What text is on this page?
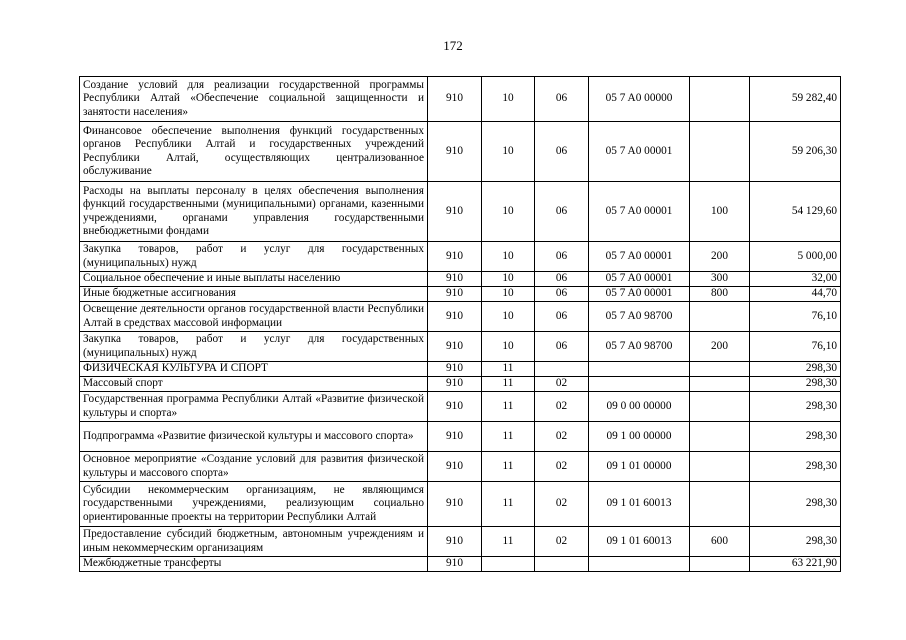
172
Создание условий для реализации государственной программы Республики Алтай «Обеспечение социальной защищенности и занятости населения»	910	10	06	05 7 A0 00000		59 282,40
Финансовое обеспечение выполнения функций государственных органов Республики Алтай и государственных учреждений Республики Алтай, осуществляющих централизованное обслуживание	910	10	06	05 7 A0 00001		59 206,30
Расходы на выплаты персоналу в целях обеспечения выполнения функций государственными (муниципальными) органами, казенными учреждениями, органами управления государственными внебюджетными фондами	910	10	06	05 7 A0 00001	100	54 129,60
Закупка товаров, работ и услуг для государственных (муниципальных) нужд	910	10	06	05 7 A0 00001	200	5 000,00
Социальное обеспечение и иные выплаты населению	910	10	06	05 7 A0 00001	300	32,00
Иные бюджетные ассигнования	910	10	06	05 7 A0 00001	800	44,70
Освещение деятельности органов государственной власти Республики Алтай в средствах массовой информации	910	10	06	05 7 A0 98700		76,10
Закупка товаров, работ и услуг для государственных (муниципальных) нужд	910	10	06	05 7 A0 98700	200	76,10
ФИЗИЧЕСКАЯ КУЛЬТУРА И СПОРТ	910	11				298,30
Массовый спорт	910	11	02			298,30
Государственная программа Республики Алтай «Развитие физической культуры и спорта»	910	11	02	09 0 00 00000		298,30
Подпрограмма «Развитие физической культуры и массового спорта»	910	11	02	09 1 00 00000		298,30
Основное мероприятие «Создание условий для развития физической культуры и массового спорта»	910	11	02	09 1 01 00000		298,30
Субсидии некоммерческим организациям, не являющимся государственными учреждениями, реализующим социально ориентированные проекты на территории Республики Алтай	910	11	02	09 1 01 60013		298,30
Предоставление субсидий бюджетным, автономным учреждениям и иным некоммерческим организациям	910	11	02	09 1 01 60013	600	298,30
Межбюджетные трансферты	910					63 221,90
